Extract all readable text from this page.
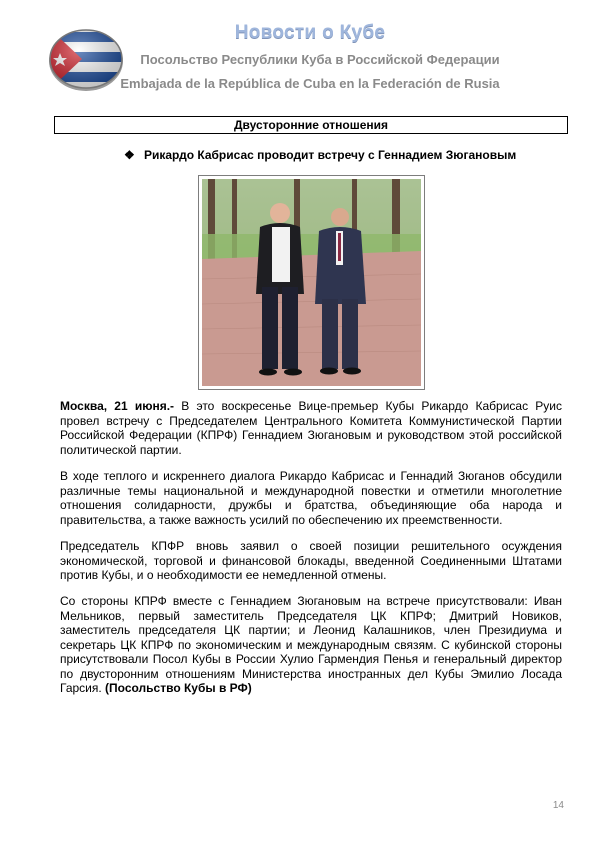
Новости о Кубе
Посольство Республики Куба в Российской Федерации
Embajada de la República de Cuba en la Federación de Rusia
Двусторонние отношения
❖ Рикардо Кабрисас проводит встречу с Геннадием Зюгановым
Москва, 21 июня.- В это воскресенье Вице-премьер Кубы Рикардо Кабрисас Руис провел встречу с Председателем Центрального Комитета Коммунистической Партии Российской Федерации (КПРФ) Геннадием Зюгановым и руководством этой российской политической партии.
В ходе теплого и искреннего диалога Рикардо Кабрисас и Геннадий Зюганов обсудили различные темы национальной и международной повестки и отметили многолетние отношения солидарности, дружбы и братства, объединяющие оба народа и правительства, а также важность усилий по обеспечению их преемственности.
Председатель КПФР вновь заявил о своей позиции решительного осуждения экономической, торговой и финансовой блокады, введенной Соединенными Штатами против Кубы, и о необходимости ее немедленной отмены.
Со стороны КПРФ вместе с Геннадием Зюгановым на встрече присутствовали: Иван Мельников, первый заместитель Председателя ЦК КПРФ; Дмитрий Новиков, заместитель председателя ЦК партии; и Леонид Калашников, член Президиума и секретарь ЦК КПРФ по экономическим и международным связям. С кубинской стороны присутствовали Посол Кубы в России Хулио Гармендия Пенья и генеральный директор по двусторонним отношениям Министерства иностранных дел Кубы Эмилио Лосада Гарсия. (Посольство Кубы в РФ)
14
